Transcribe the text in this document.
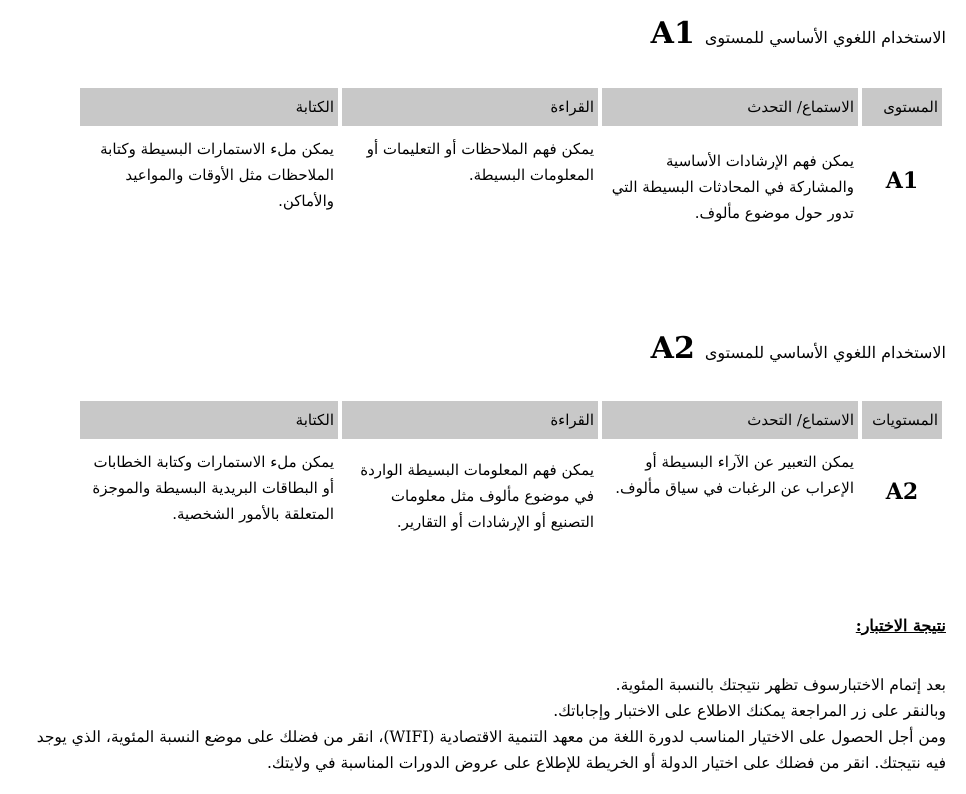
الاستخدام اللغوي الأساسي للمستوى
A1
المستوى	الاستماع/ التحدث	القراءة	الكتابة
A1	يمكن فهم الإرشادات الأساسية والمشاركة في المحادثات البسيطة التي تدور حول موضوع مألوف.	يمكن فهم الملاحظات أو التعليمات أو المعلومات البسيطة.	يمكن ملء الاستمارات البسيطة وكتابة الملاحظات مثل الأوقات والمواعيد والأماكن.
الاستخدام اللغوي الأساسي للمستوى
A2
المستويات	الاستماع/ التحدث	القراءة	الكتابة
A2	يمكن التعبير عن الآراء البسيطة أو الإعراب عن الرغبات في سياق مألوف.	يمكن فهم المعلومات البسيطة الواردة في موضوع مألوف مثل معلومات التصنيع أو الإرشادات أو التقارير.	يمكن ملء الاستمارات وكتابة الخطابات أو البطاقات البريدية البسيطة والموجزة المتعلقة بالأمور الشخصية.
نتيجة الاختبار:

بعد إتمام الاختبارسوف تظهر نتيجتك بالنسبة المئوية.

وبالنقر على زر المراجعة يمكنك الاطلاع على الاختبار وإجاباتك.

ومن أجل الحصول على الاختيار المناسب لدورة اللغة من معهد التنمية الاقتصادية (WIFI)، انقر من فضلك على موضع النسبة المئوية، الذي يوجد فيه نتيجتك. انقر من فضلك على اختيار الدولة أو الخريطة للإطلاع على عروض الدورات المناسبة في ولايتك.
